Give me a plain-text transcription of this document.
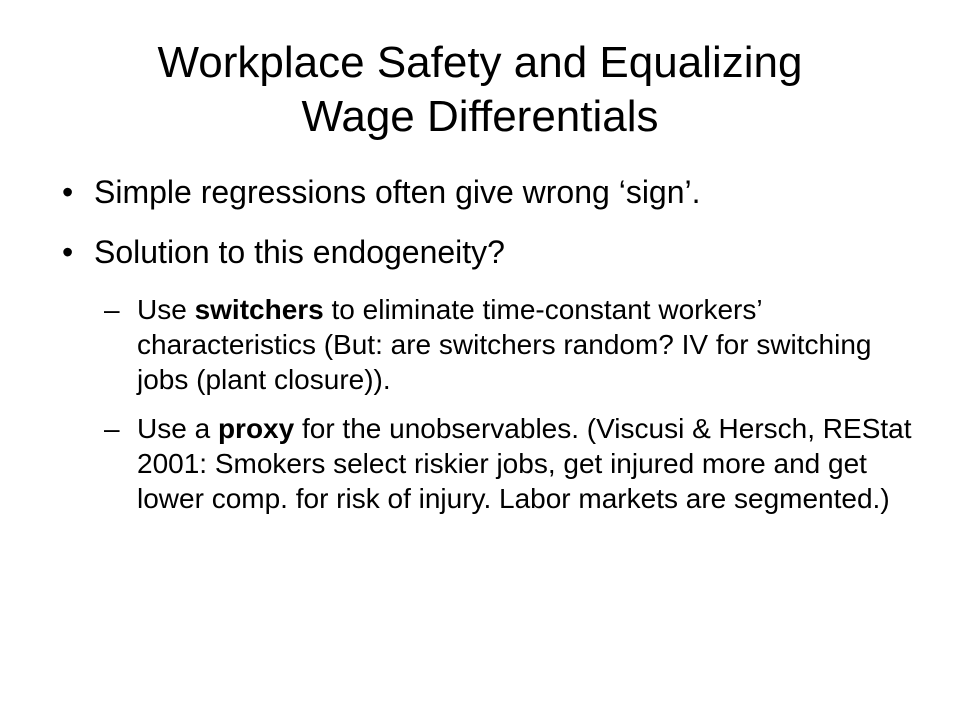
Workplace Safety and Equalizing
Wage Differentials
• Simple regressions often give wrong ‘sign’.
• Solution to this endogeneity?
– Use switchers to eliminate time-constant workers’ characteristics (But: are switchers random? IV for switching jobs (plant closure)).
– Use a proxy for the unobservables. (Viscusi & Hersch, REStat 2001: Smokers select riskier jobs, get injured more and get lower comp. for risk of injury. Labor markets are segmented.)
